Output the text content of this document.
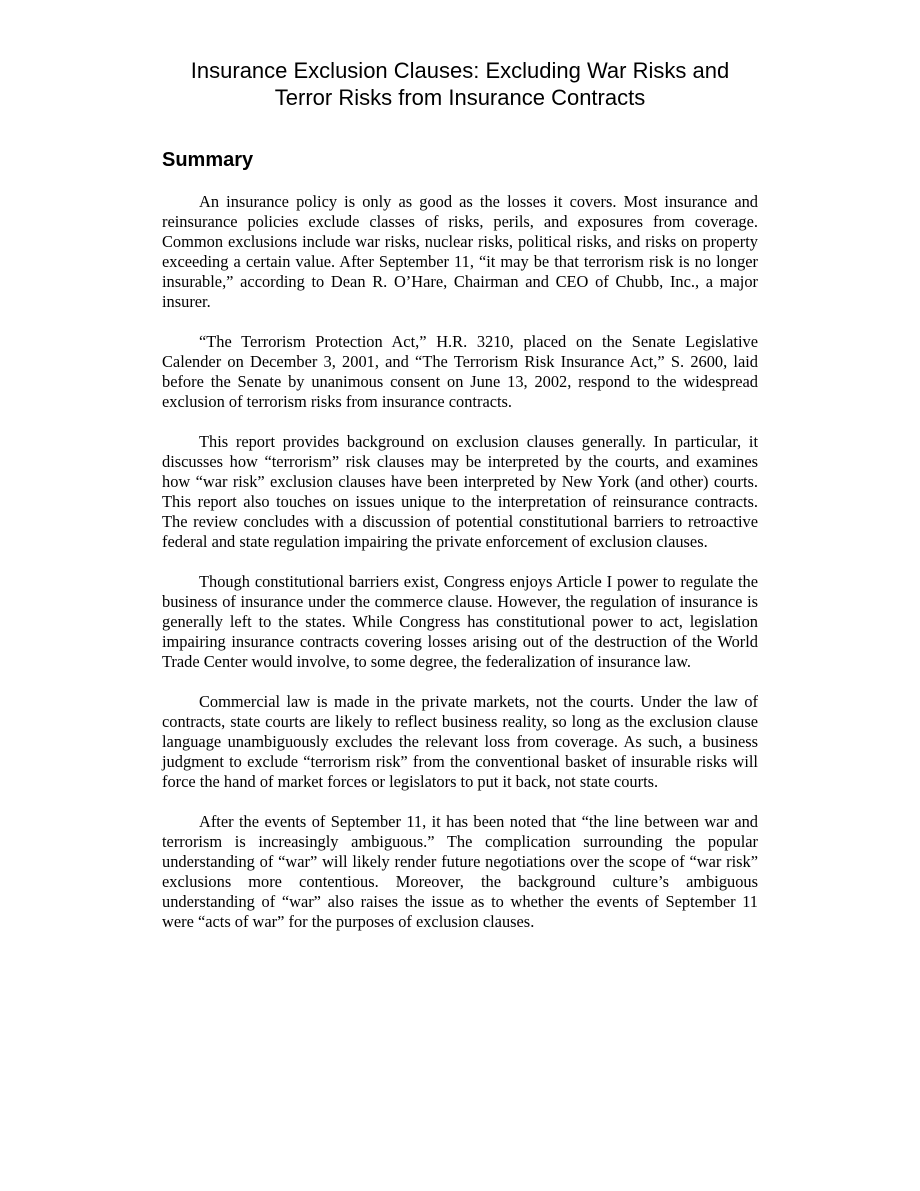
Insurance Exclusion Clauses: Excluding War Risks and
Terror Risks from Insurance Contracts
Summary

An insurance policy is only as good as the losses it covers. Most insurance and reinsurance policies exclude classes of risks, perils, and exposures from coverage. Common exclusions include war risks, nuclear risks, political risks, and risks on property exceeding a certain value. After September 11, “it may be that terrorism risk is no longer insurable,” according to Dean R. O’Hare, Chairman and CEO of Chubb, Inc., a major insurer.

“The Terrorism Protection Act,” H.R. 3210, placed on the Senate Legislative Calender on December 3, 2001, and “The Terrorism Risk Insurance Act,” S. 2600, laid before the Senate by unanimous consent on June 13, 2002, respond to the widespread exclusion of terrorism risks from insurance contracts.

This report provides background on exclusion clauses generally. In particular, it discusses how “terrorism” risk clauses may be interpreted by the courts, and examines how “war risk” exclusion clauses have been interpreted by New York (and other) courts. This report also touches on issues unique to the interpretation of reinsurance contracts. The review concludes with a discussion of potential constitutional barriers to retroactive federal and state regulation impairing the private enforcement of exclusion clauses.

Though constitutional barriers exist, Congress enjoys Article I power to regulate the business of insurance under the commerce clause. However, the regulation of insurance is generally left to the states. While Congress has constitutional power to act, legislation impairing insurance contracts covering losses arising out of the destruction of the World Trade Center would involve, to some degree, the federalization of insurance law.

Commercial law is made in the private markets, not the courts. Under the law of contracts, state courts are likely to reflect business reality, so long as the exclusion clause language unambiguously excludes the relevant loss from coverage. As such, a business judgment to exclude “terrorism risk” from the conventional basket of insurable risks will force the hand of market forces or legislators to put it back, not state courts.

After the events of September 11, it has been noted that “the line between war and terrorism is increasingly ambiguous.” The complication surrounding the popular understanding of “war” will likely render future negotiations over the scope of “war risk” exclusions more contentious. Moreover, the background culture’s ambiguous understanding of “war” also raises the issue as to whether the events of September 11 were “acts of war” for the purposes of exclusion clauses.
